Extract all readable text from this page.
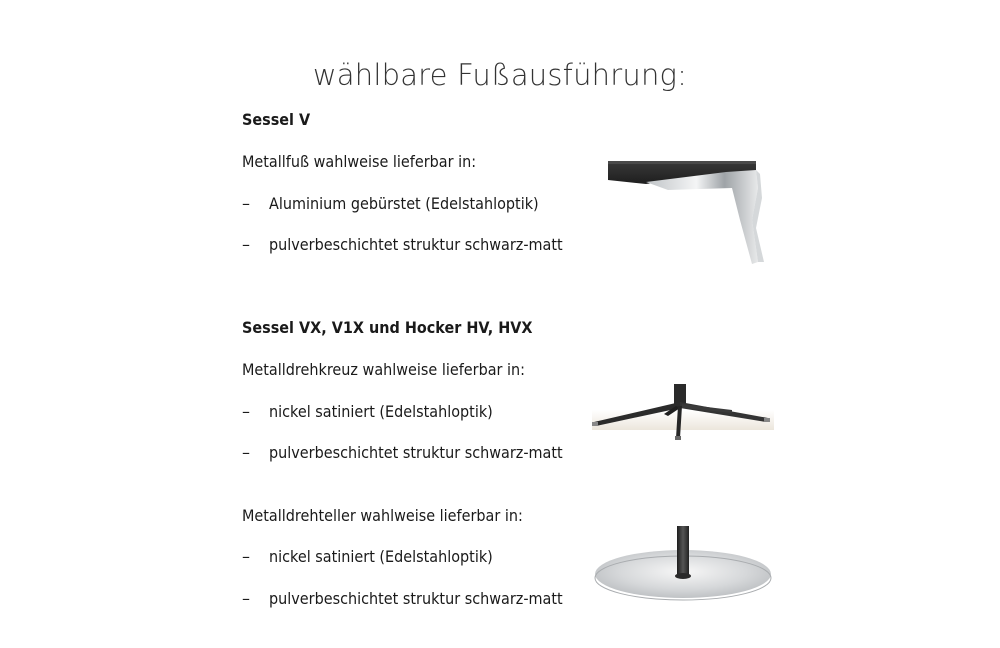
wählbare Fußausführung:
Sessel V
Metallfuß wahlweise lieferbar in:
– Aluminium gebürstet (Edelstahloptik)
– pulverbeschichtet struktur schwarz-matt
Sessel VX, V1X und Hocker HV, HVX
Metalldrehkreuz wahlweise lieferbar in:
– nickel satiniert (Edelstahloptik)
– pulverbeschichtet struktur schwarz-matt
Metalldrehteller wahlweise lieferbar in:
– nickel satiniert (Edelstahloptik)
– pulverbeschichtet struktur schwarz-matt
